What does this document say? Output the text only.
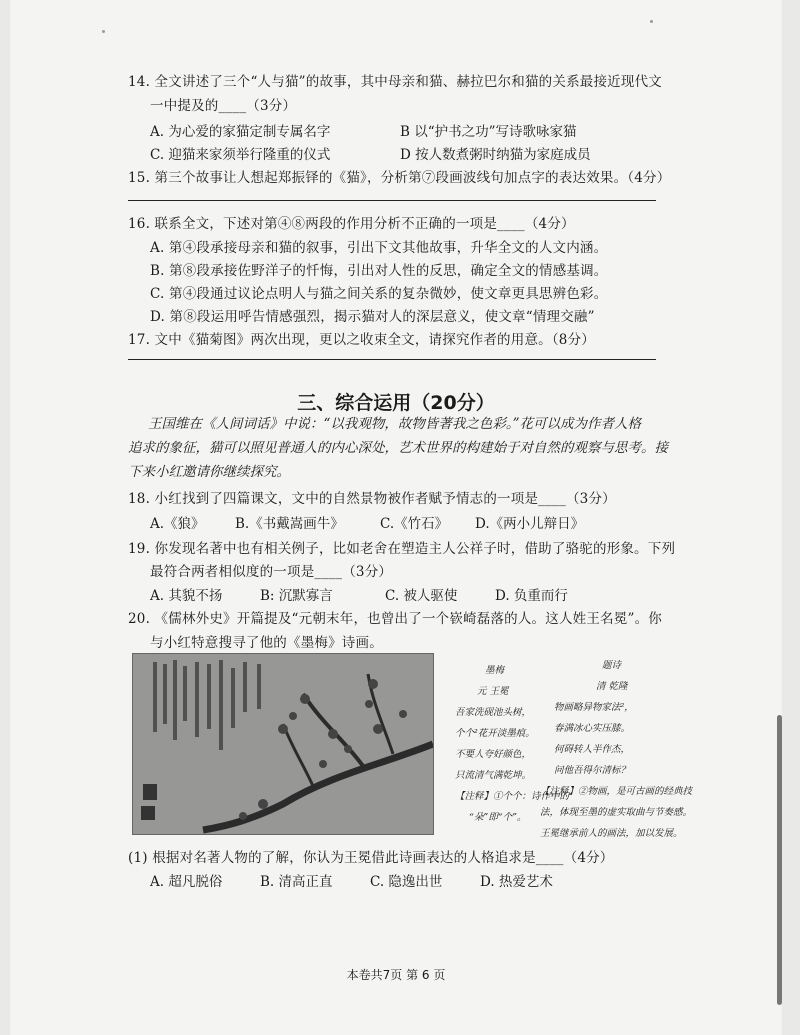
14. 全文讲述了三个“人与猫”的故事，其中母亲和猫、赫拉巴尔和猫的关系最接近现代文
一中提及的____（3分）
A. 为心爱的家猫定制专属名字	B 以“护书之功”写诗歌咏家猫
C. 迎猫来家须举行隆重的仪式	D 按人数煮粥时纳猫为家庭成员
15. 第三个故事让人想起郑振铎的《猫》，分析第⑦段画波线句加点字的表达效果。（4分）
16. 联系全文，下述对第④⑧两段的作用分析不正确的一项是____（4分）
A. 第④段承接母亲和猫的叙事，引出下文其他故事，升华全文的人文内涵。
B. 第⑧段承接佐野洋子的忏悔，引出对人性的反思，确定全文的情感基调。
C. 第④段通过议论点明人与猫之间关系的复杂微妙，使文章更具思辨色彩。
D. 第⑧段运用呼告情感强烈，揭示猫对人的深层意义，使文章“情理交融”
17. 文中《猫菊图》两次出现，更以之收束全文，请探究作者的用意。（8分）
三、综合运用（20分）
王国维在《人间词话》中说：“以我观物，故物皆著我之色彩。”花可以成为作者人格
追求的象征，猫可以照见普通人的内心深处，艺术世界的构建始于对自然的观察与思考。接
下来小红邀请你继续探究。
18. 小红找到了四篇课文，文中的自然景物被作者赋予情志的一项是____（3分）
A.《狼》 B.《书戴嵩画牛》	C.《竹石》 D.《两小儿辩日》
19. 你发现名著中也有相关例子，比如老舍在塑造主人公祥子时，借助了骆驼的形象。下列
最符合两者相似度的一项是____（3分）
A. 其貌不扬	B: 沉默寡言	C. 被人驱使	D. 负重而行
20. 《儒林外史》开篇提及“元朝末年，也曾出了一个嵚崎磊落的人。这人姓王名冕”。你
与小红特意搜寻了他的《墨梅》诗画。
墨梅
元 王冕
吾家洗砚池头树，
个个²花开淡墨痕。
不要人夸好颜色，
只流清气满乾坤。
【注释】①个个：诗作中的
“朵”即“个”。
题诗
清 乾隆
物画略异物家法²，
春满冰心实压膝。
何碍转人半作杰，
问他吾得尔清标？
【注释】②物画，是可古画的经典技
法，体现至墨的虚实取曲与节奏感。
王冕继承前人的画法，加以发展。
(1) 根据对名著人物的了解，你认为王冕借此诗画表达的人格追求是____（4分）
A. 超凡脱俗	B. 清高正直	C. 隐逸出世	D. 热爱艺术
本卷共7页 第 6 页
